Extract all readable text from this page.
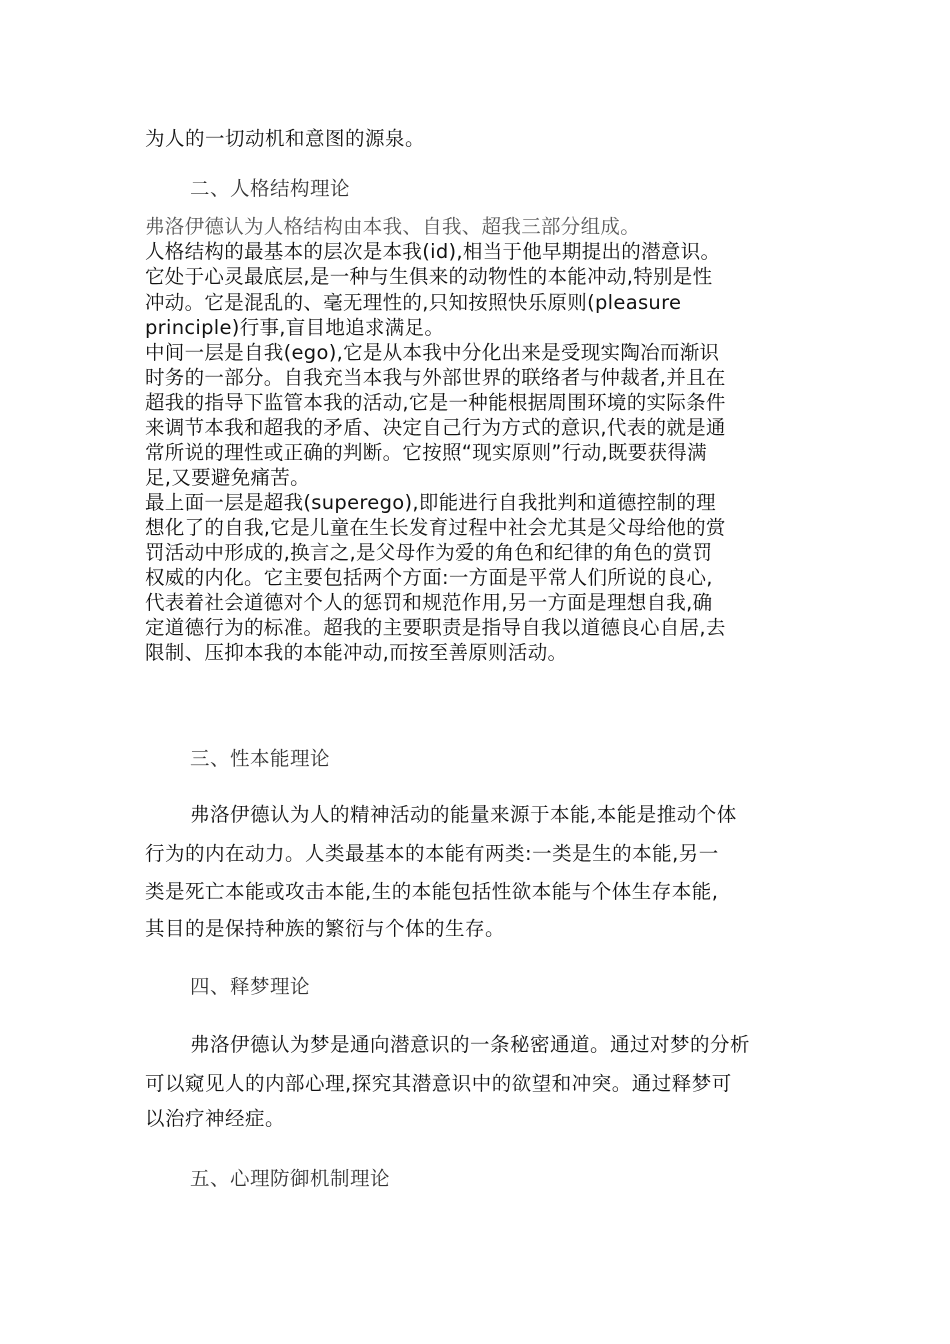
为人的一切动机和意图的源泉。
二、人格结构理论
弗洛伊德认为人格结构由本我、自我、超我三部分组成。
人格结构的最基本的层次是本我(id),相当于他早期提出的潜意识。
它处于心灵最底层,是一种与生俱来的动物性的本能冲动,特别是性
冲动。它是混乱的、毫无理性的,只知按照快乐原则(pleasure
principle)行事,盲目地追求满足。
中间一层是自我(ego),它是从本我中分化出来是受现实陶冶而渐识
时务的一部分。自我充当本我与外部世界的联络者与仲裁者,并且在
超我的指导下监管本我的活动,它是一种能根据周围环境的实际条件
来调节本我和超我的矛盾、决定自己行为方式的意识,代表的就是通
常所说的理性或正确的判断。它按照“现实原则”行动,既要获得满
足,又要避免痛苦。
最上面一层是超我(superego),即能进行自我批判和道德控制的理
想化了的自我,它是儿童在生长发育过程中社会尤其是父母给他的赏
罚活动中形成的,换言之,是父母作为爱的角色和纪律的角色的赏罚
权威的内化。它主要包括两个方面:一方面是平常人们所说的良心,
代表着社会道德对个人的惩罚和规范作用,另一方面是理想自我,确
定道德行为的标准。超我的主要职责是指导自我以道德良心自居,去
限制、压抑本我的本能冲动,而按至善原则活动。
三、性本能理论
弗洛伊德认为人的精神活动的能量来源于本能,本能是推动个体
行为的内在动力。人类最基本的本能有两类:一类是生的本能,另一
类是死亡本能或攻击本能,生的本能包括性欲本能与个体生存本能,
其目的是保持种族的繁衍与个体的生存。
四、释梦理论
弗洛伊德认为梦是通向潜意识的一条秘密通道。通过对梦的分析
可以窥见人的内部心理,探究其潜意识中的欲望和冲突。通过释梦可
以治疗神经症。
五、心理防御机制理论
